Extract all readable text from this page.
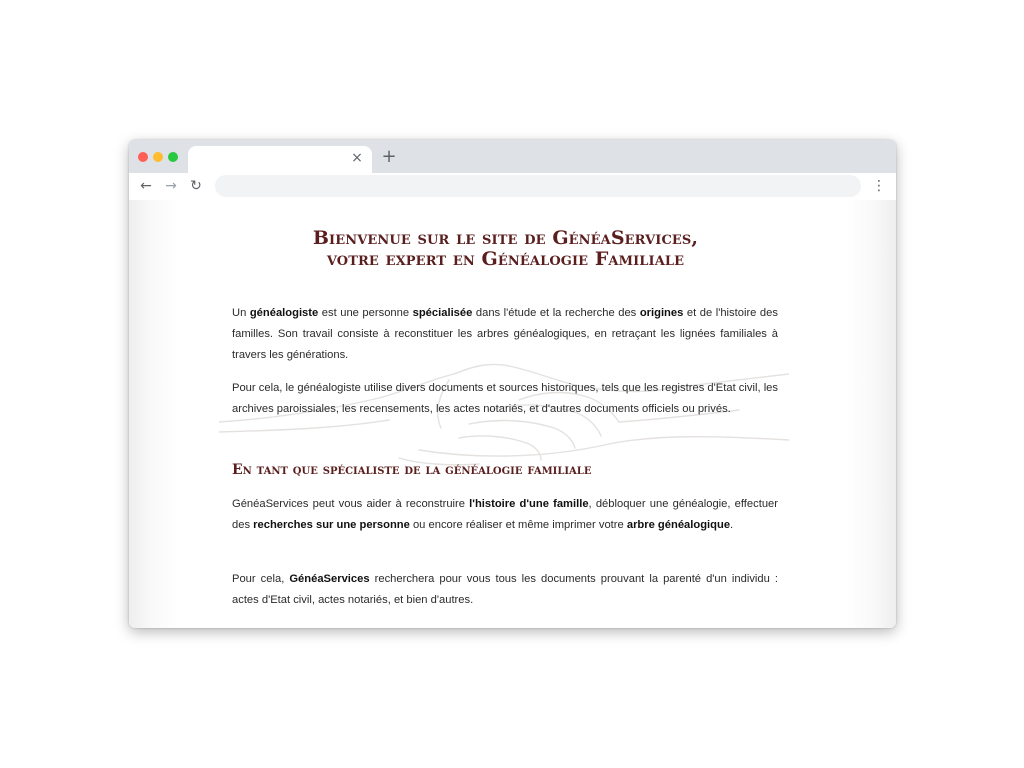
× +
← → ↻	⋮
Bienvenue sur le site de GénéaServices,
votre expert en Généalogie Familiale

Un généalogiste est une personne spécialisée dans l'étude et la recherche des origines et de l'histoire des familles. Son travail consiste à reconstituer les arbres généalogiques, en retraçant les lignées familiales à travers les générations.

Pour cela, le généalogiste utilise divers documents et sources historiques, tels que les registres d'Etat civil, les archives paroissiales, les recensements, les actes notariés, et d'autres documents officiels ou privés.

En tant que spécialiste de la généalogie familiale

GénéaServices peut vous aider à reconstruire l'histoire d'une famille, débloquer une généalogie, effectuer des recherches sur une personne ou encore réaliser et même imprimer votre arbre généalogique.

Pour cela, GénéaServices recherchera pour vous tous les documents prouvant la parenté d'un individu : actes d'Etat civil, actes notariés, et bien d'autres.
